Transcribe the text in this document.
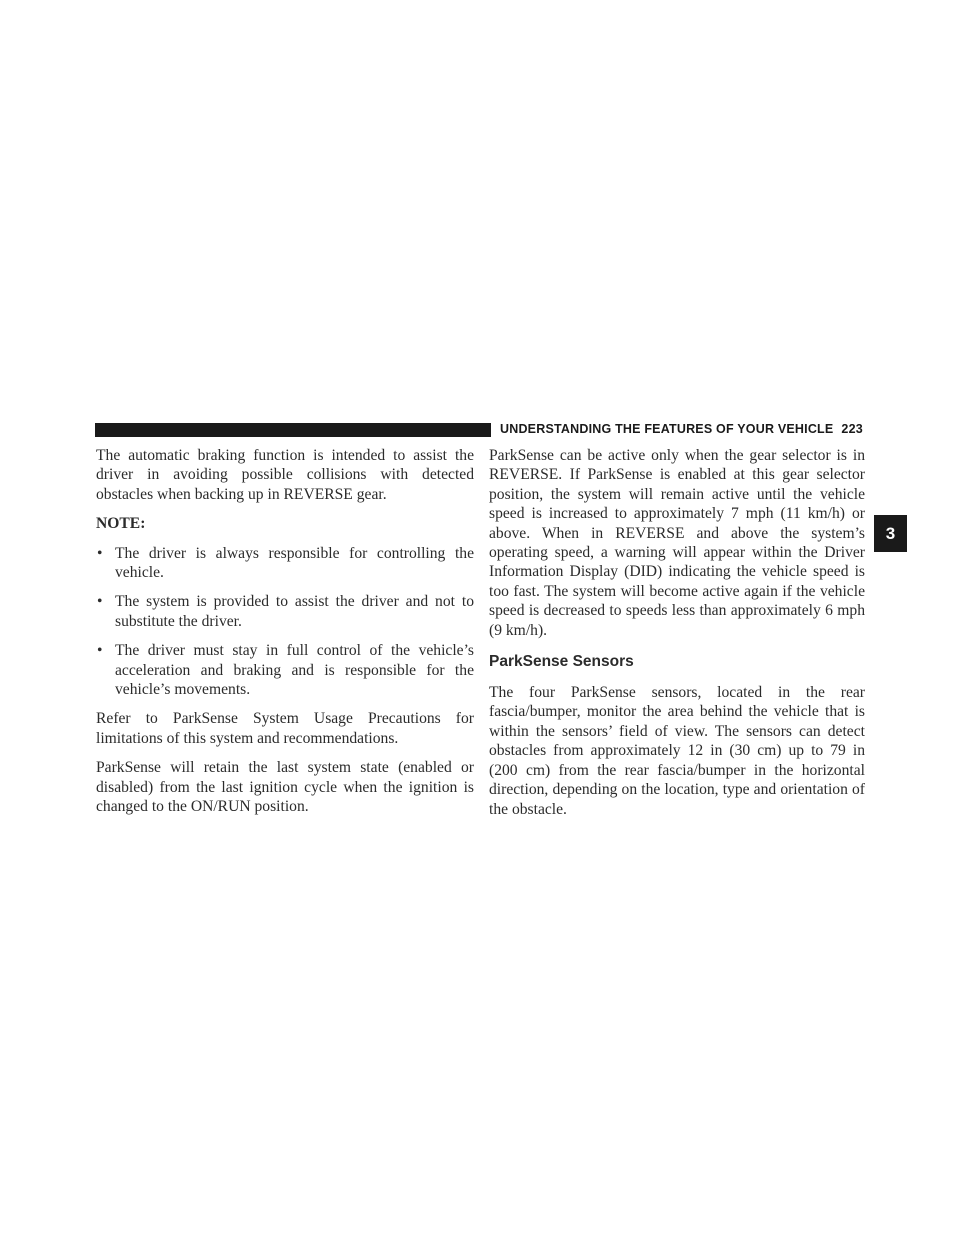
UNDERSTANDING THE FEATURES OF YOUR VEHICLE 223
3

The automatic braking function is intended to assist the driver in avoiding possible collisions with detected obstacles when backing up in REVERSE gear.

NOTE:

• The driver is always responsible for controlling the vehicle.
• The system is provided to assist the driver and not to substitute the driver.
• The driver must stay in full control of the vehicle’s acceleration and braking and is responsible for the vehicle’s movements.

Refer to ParkSense System Usage Precautions for limitations of this system and recommendations.

ParkSense will retain the last system state (enabled or disabled) from the last ignition cycle when the ignition is changed to the ON/RUN position.

ParkSense can be active only when the gear selector is in REVERSE. If ParkSense is enabled at this gear selector position, the system will remain active until the vehicle speed is increased to approximately 7 mph (11 km/h) or above. When in REVERSE and above the system’s operating speed, a warning will appear within the Driver Information Display (DID) indicating the vehicle speed is too fast. The system will become active again if the vehicle speed is decreased to speeds less than approximately 6 mph (9 km/h).

ParkSense Sensors

The four ParkSense sensors, located in the rear fascia/bumper, monitor the area behind the vehicle that is within the sensors’ field of view. The sensors can detect obstacles from approximately 12 in (30 cm) up to 79 in (200 cm) from the rear fascia/bumper in the horizontal direction, depending on the location, type and orientation of the obstacle.
